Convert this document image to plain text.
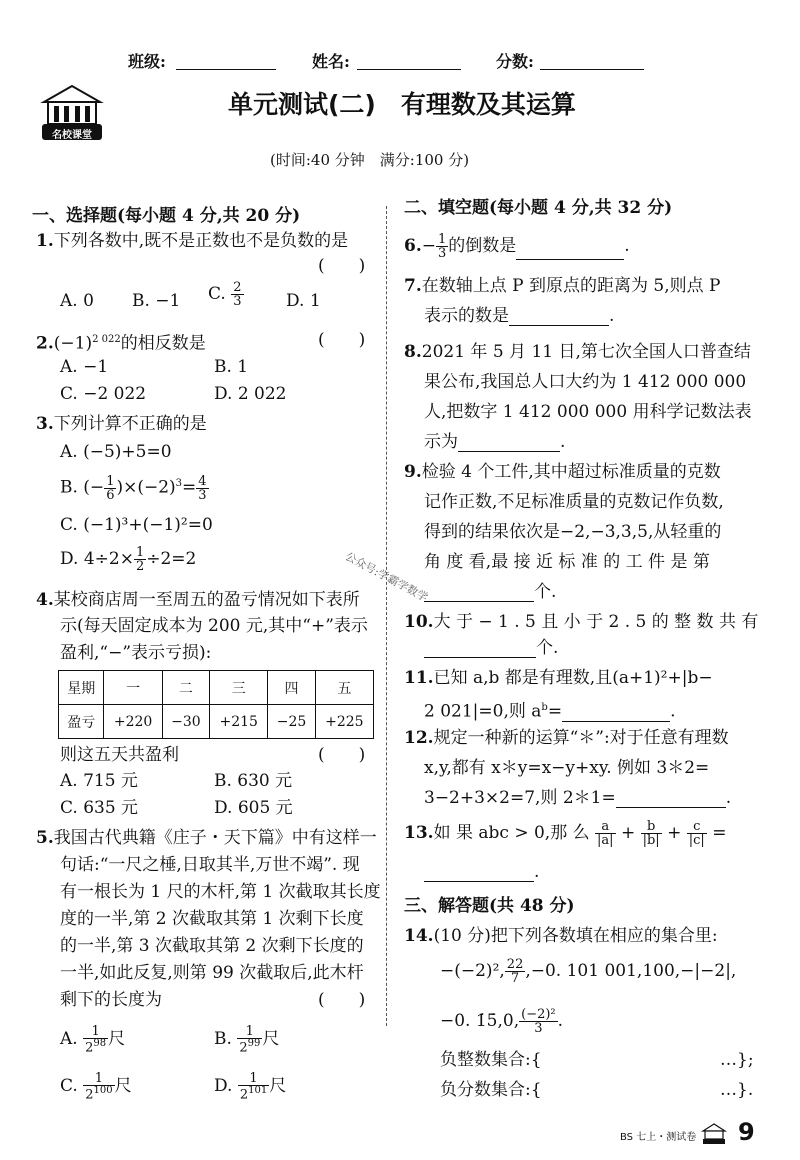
班级:	姓名:	分数:
名校课堂
单元测试(二)　有理数及其运算
(时间:40 分钟　满分:100 分)
一、选择题(每小题 4 分,共 20 分)
1.下列各数中,既不是正数也不是负数的是
(　　)
A. 0 B. −1 C. $\frac{2}{3}$	D. 1
$2.(-1)^{2 022}$的相反数是	(　　)
A. −1	B. 1
C. −2 022	D. 2 022
3.下列计算不正确的是
A. (−5)+5=0
B. (− $\frac{1}{6} )\times(-2)^3= \frac{4}{3}$
C. (−1)³+(−1)²=0
D. $4\div 2\times \frac{1}{2} \div 2=2$
4.某校商店周一至周五的盈亏情况如下表所
示(每天固定成本为 200 元,其中“+”表示
盈利,“−”表示亏损):
星期	一	二	三	四	五
盈亏	+220	−30	+215	−25	+225
则这五天共盈利	(　　)
A. 715 元	B. 630 元
C. 635 元	D. 605 元
5.我国古代典籍《庄子・天下篇》中有这样一
句话:“一尺之棰,日取其半,万世不竭”. 现
有一根长为 1 尺的木杆,第 1 次截取其长度
度的一半,第 2 次截取其第 1 次剩下长度
的一半,第 3 次截取其第 2 次剩下长度的
一半,如此反复,则第 99 次截取后,此木杆
剩下的长度为	(　　)
A. $\frac{1}{2^{98}}$ 尺	B. $\frac{1}{2^{99}}$ 尺
C. $\frac{1}{2^{100}}$ 尺	D. $\frac{1}{2^{101}}$ 尺
公众号:学霸学数学
二、填空题(每小题 4 分,共 32 分)
$6.- \frac{1}{3}$ 的倒数是	.
7.在数轴上点 P 到原点的距离为 5,则点 P
表示的数是	.
8.2021 年 5 月 11 日,第七次全国人口普查结
果公布,我国总人口大约为 1 412 000 000
人,把数字 1 412 000 000 用科学记数法表
示为	.
9.检验 4 个工件,其中超过标准质量的克数
记作正数,不足标准质量的克数记作负数,
得到的结果依次是−2,−3,3,5,从轻重的
角 度 看,最 接 近 标 准 的 工 件 是 第
个.
10.大 于 − 1 . 5 且 小 于 2 . 5 的 整 数 共 有
个.
11.已知 a,b 都是有理数,且(a+1)²+|b−
2 021|=0,则 $a^b=$	.
12.规定一种新的运算“＊”:对于任意有理数
x,y,都有 x＊y=x−y+xy. 例如 3＊2=
3−2+3×2=7,则 2＊1=	.
13.如 果 abc > 0,那 么 $\frac{a}{|a|} + \frac{b}{|b|} + \frac{c}{|c|}$ =
.
三、解答题(共 48 分)
14.(10 分)把下列各数填在相应的集合里:
−(−2)², $\frac{22}{7} ,-0$. 101 001,100,−|−2|,
−0. 1̇5̇,0, $\frac{\text{(−2)²}}{3}$ .
负整数集合:{	…};
负分数集合:{	…}.
BS 七上・测试卷 9
